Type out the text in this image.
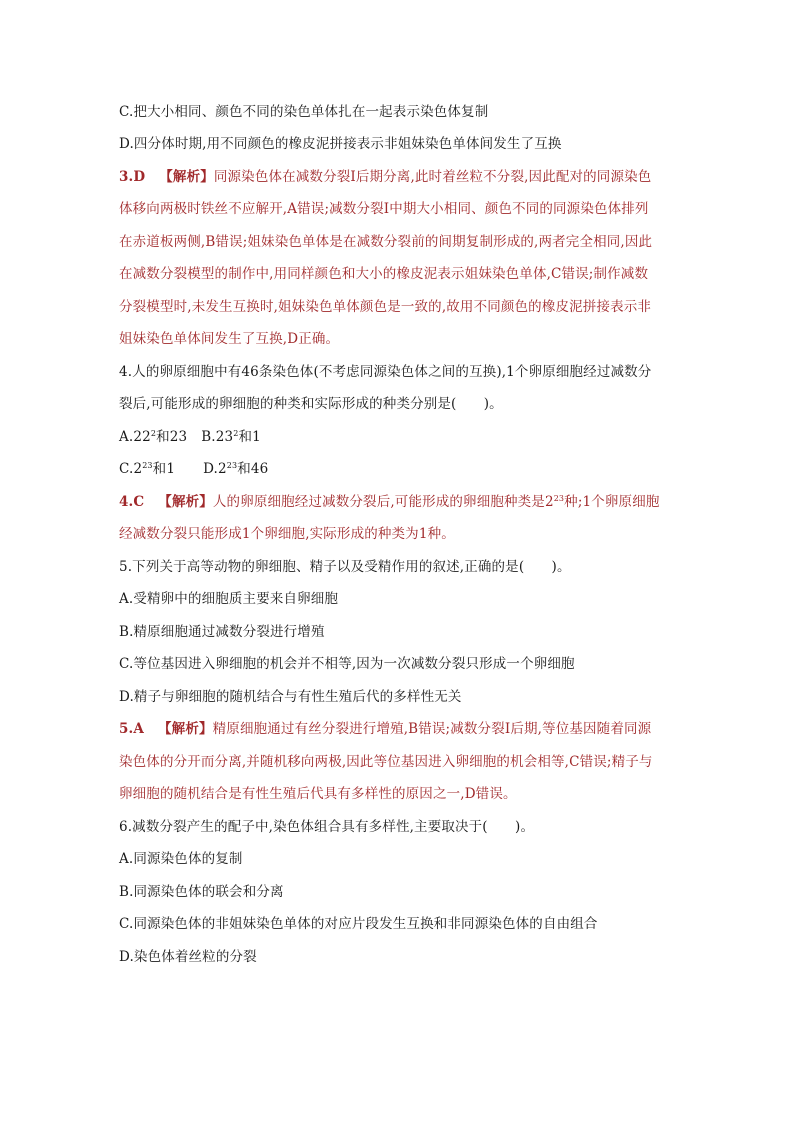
C.把大小相同、颜色不同的染色单体扎在一起表示染色体复制
D.四分体时期,用不同颜色的橡皮泥拼接表示非姐妹染色单体间发生了互换
3.D 【解析】同源染色体在减数分裂Ⅰ后期分离,此时着丝粒不分裂,因此配对的同源染色
体移向两极时铁丝不应解开,A错误;减数分裂Ⅰ中期大小相同、颜色不同的同源染色体排列
在赤道板两侧,B错误;姐妹染色单体是在减数分裂前的间期复制形成的,两者完全相同,因此
在减数分裂模型的制作中,用同样颜色和大小的橡皮泥表示姐妹染色单体,C错误;制作减数
分裂模型时,未发生互换时,姐妹染色单体颜色是一致的,故用不同颜色的橡皮泥拼接表示非
姐妹染色单体间发生了互换,D正确。
4.人的卵原细胞中有46条染色体(不考虑同源染色体之间的互换),1个卵原细胞经过减数分
裂后,可能形成的卵细胞的种类和实际形成的种类分别是(　　)。
$A.22^2$和23 $B.23^2$和1
$C.2^{23}$和1 $D.2^{23}$和46
4.C 【解析】人的卵原细胞经过减数分裂后,可能形成的卵细胞种类是$2^{23}$种;1个卵原细胞
经减数分裂只能形成1个卵细胞,实际形成的种类为1种。
5.下列关于高等动物的卵细胞、精子以及受精作用的叙述,正确的是(　　)。
A.受精卵中的细胞质主要来自卵细胞
B.精原细胞通过减数分裂进行增殖
C.等位基因进入卵细胞的机会并不相等,因为一次减数分裂只形成一个卵细胞
D.精子与卵细胞的随机结合与有性生殖后代的多样性无关
5.A 【解析】精原细胞通过有丝分裂进行增殖,B错误;减数分裂Ⅰ后期,等位基因随着同源
染色体的分开而分离,并随机移向两极,因此等位基因进入卵细胞的机会相等,C错误;精子与
卵细胞的随机结合是有性生殖后代具有多样性的原因之一,D错误。
6.减数分裂产生的配子中,染色体组合具有多样性,主要取决于(　　)。
A.同源染色体的复制
B.同源染色体的联会和分离
C.同源染色体的非姐妹染色单体的对应片段发生互换和非同源染色体的自由组合
D.染色体着丝粒的分裂
